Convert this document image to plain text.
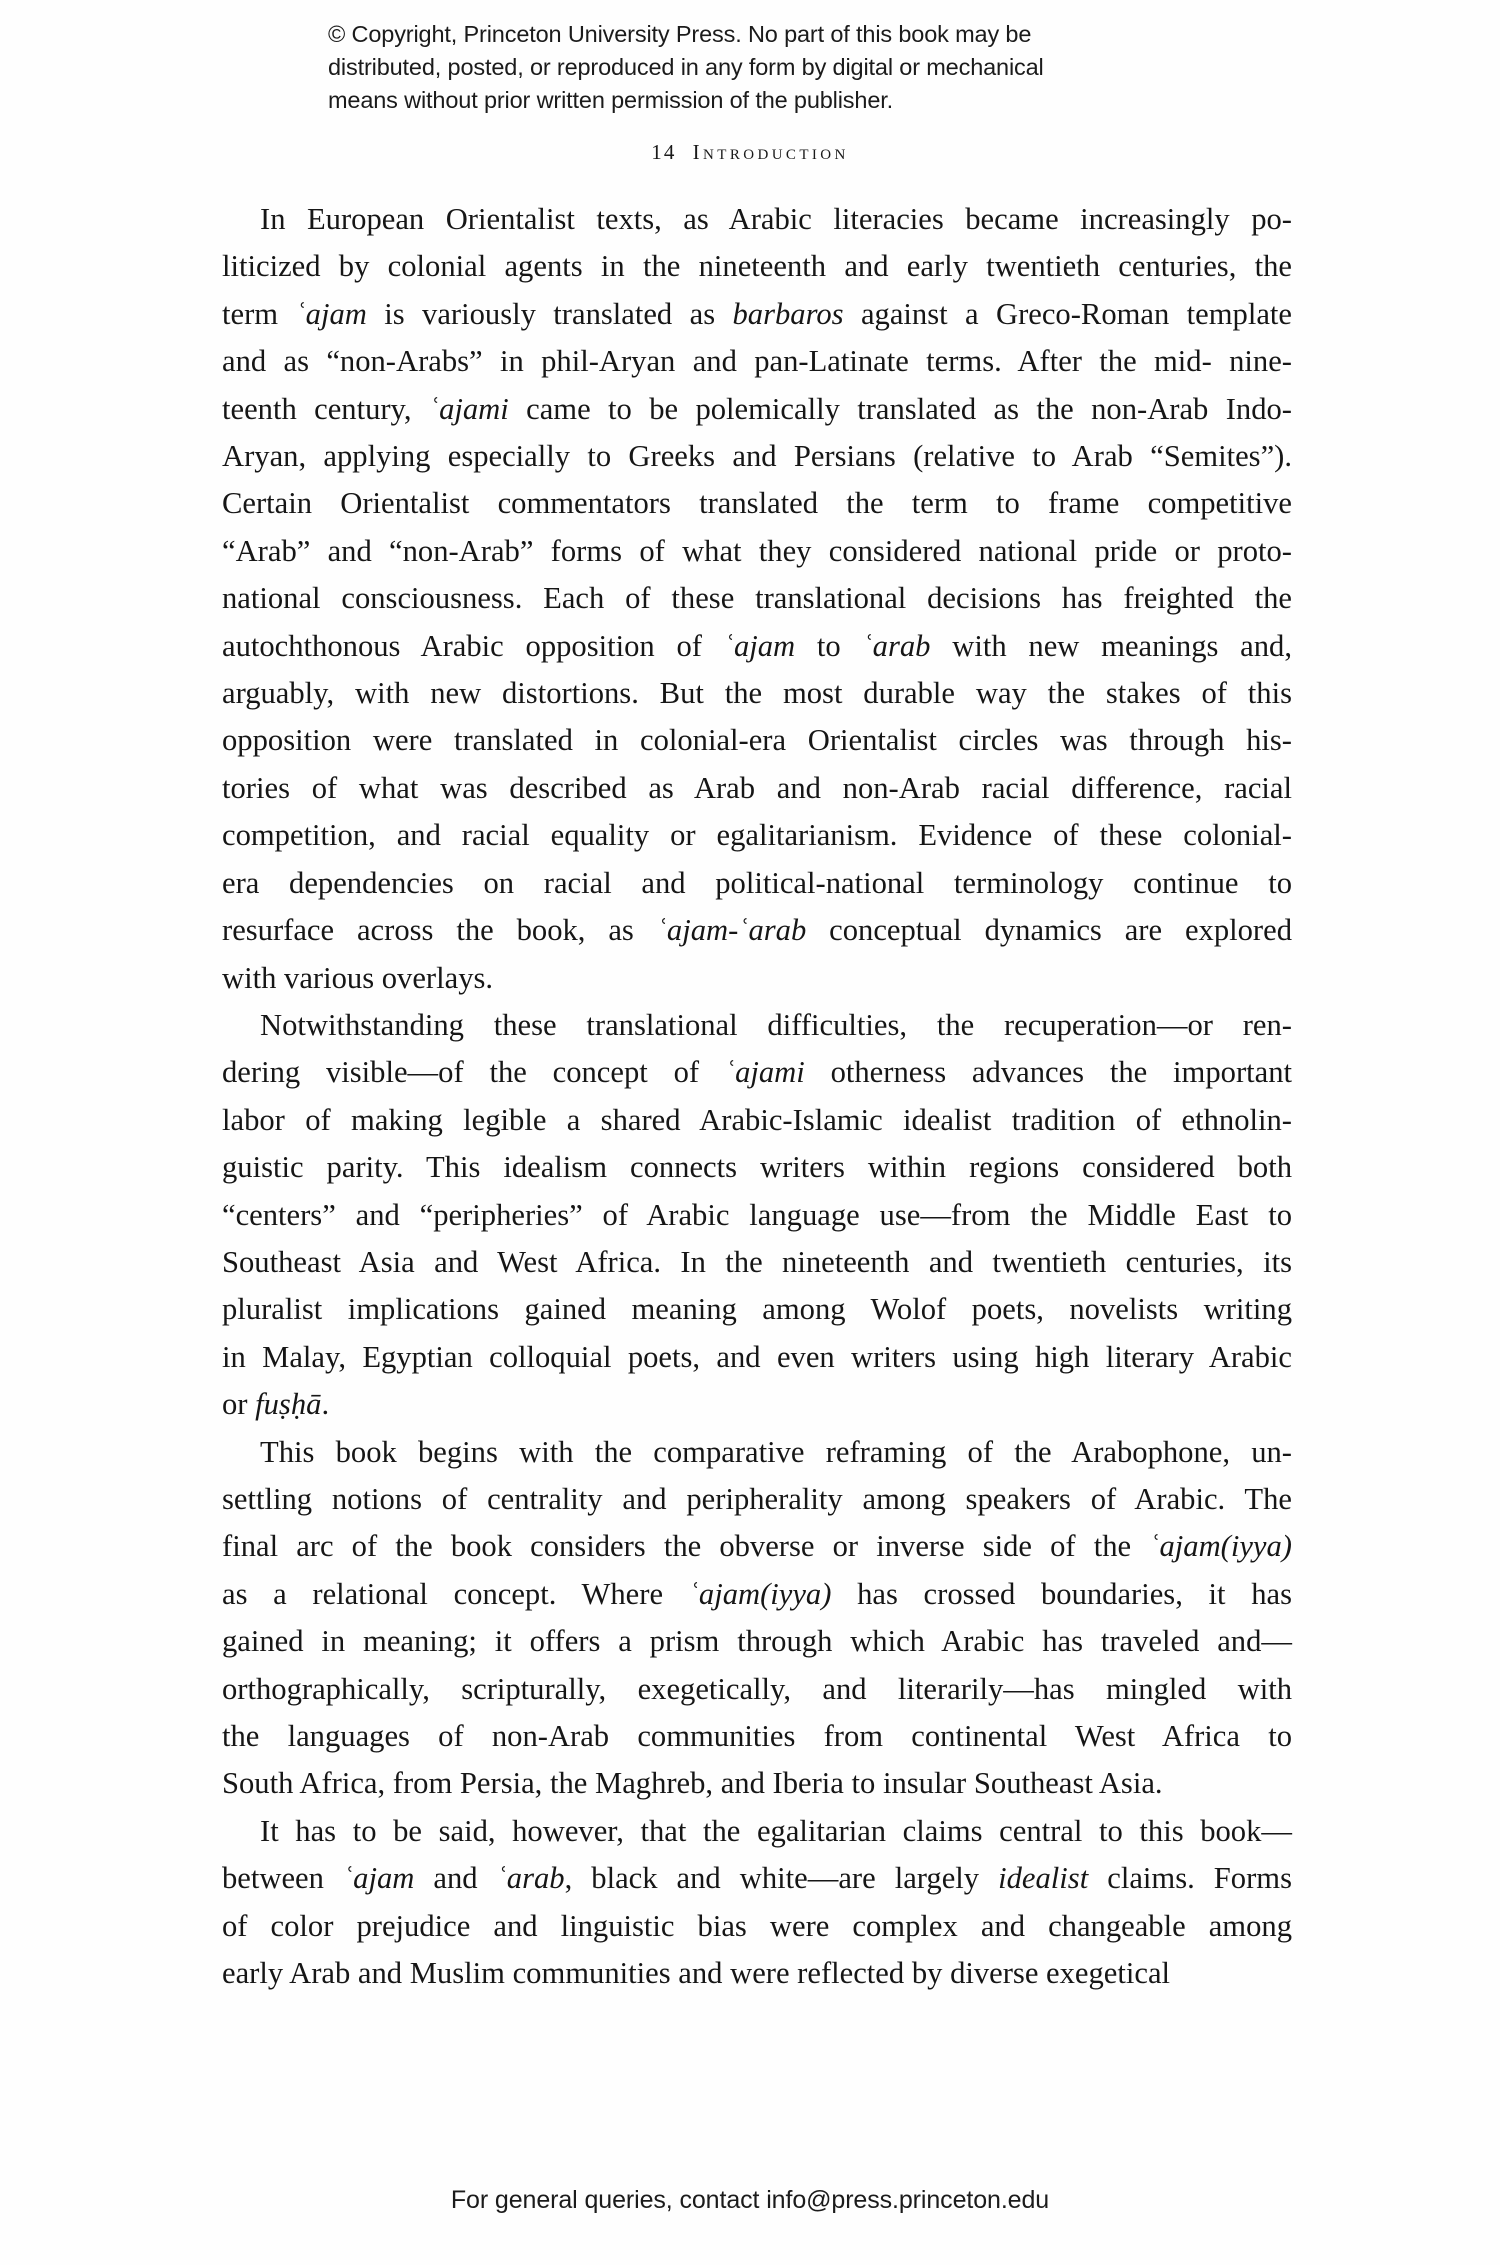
© Copyright, Princeton University Press. No part of this book may be
distributed, posted, or reproduced in any form by digital or mechanical
means without prior written permission of the publisher.
14 Introduction

In European Orientalist texts, as Arabic literacies became increasingly po-
liticized by colonial agents in the nineteenth and early twentieth centuries, the
term ʿajam is variously translated as barbaros against a Greco-Roman template
and as “non-Arabs” in phil-Aryan and pan-Latinate terms. After the mid- nine-
teenth century, ʿajami came to be polemically translated as the non-Arab Indo-
Aryan, applying especially to Greeks and Persians (relative to Arab “Semites”).
Certain Orientalist commentators translated the term to frame competitive
“Arab” and “non-Arab” forms of what they considered national pride or proto-
national consciousness. Each of these translational decisions has freighted the
autochthonous Arabic opposition of ʿajam to ʿarab with new meanings and,
arguably, with new distortions. But the most durable way the stakes of this
opposition were translated in colonial-era Orientalist circles was through his-
tories of what was described as Arab and non-Arab racial difference, racial
competition, and racial equality or egalitarianism. Evidence of these colonial-
era dependencies on racial and political-national terminology continue to
resurface across the book, as ʿajam-ʿarab conceptual dynamics are explored
with various overlays.

Notwithstanding these translational difficulties, the recuperation—or ren-
dering visible—of the concept of ʿajami otherness advances the important
labor of making legible a shared Arabic-Islamic idealist tradition of ethnolin-
guistic parity. This idealism connects writers within regions considered both
“centers” and “peripheries” of Arabic language use—from the Middle East to
Southeast Asia and West Africa. In the nineteenth and twentieth centuries, its
pluralist implications gained meaning among Wolof poets, novelists writing
in Malay, Egyptian colloquial poets, and even writers using high literary Arabic
or fuṣḥā.

This book begins with the comparative reframing of the Arabophone, un-
settling notions of centrality and peripherality among speakers of Arabic. The
final arc of the book considers the obverse or inverse side of the ʿajam(iyya)
as a relational concept. Where ʿajam(iyya) has crossed boundaries, it has
gained in meaning; it offers a prism through which Arabic has traveled and—
orthographically, scripturally, exegetically, and literarily—has mingled with
the languages of non-Arab communities from continental West Africa to
South Africa, from Persia, the Maghreb, and Iberia to insular Southeast Asia.

It has to be said, however, that the egalitarian claims central to this book—
between ʿajam and ʿarab, black and white—are largely idealist claims. Forms
of color prejudice and linguistic bias were complex and changeable among
early Arab and Muslim communities and were reflected by diverse exegetical

For general queries, contact info@press.princeton.edu
